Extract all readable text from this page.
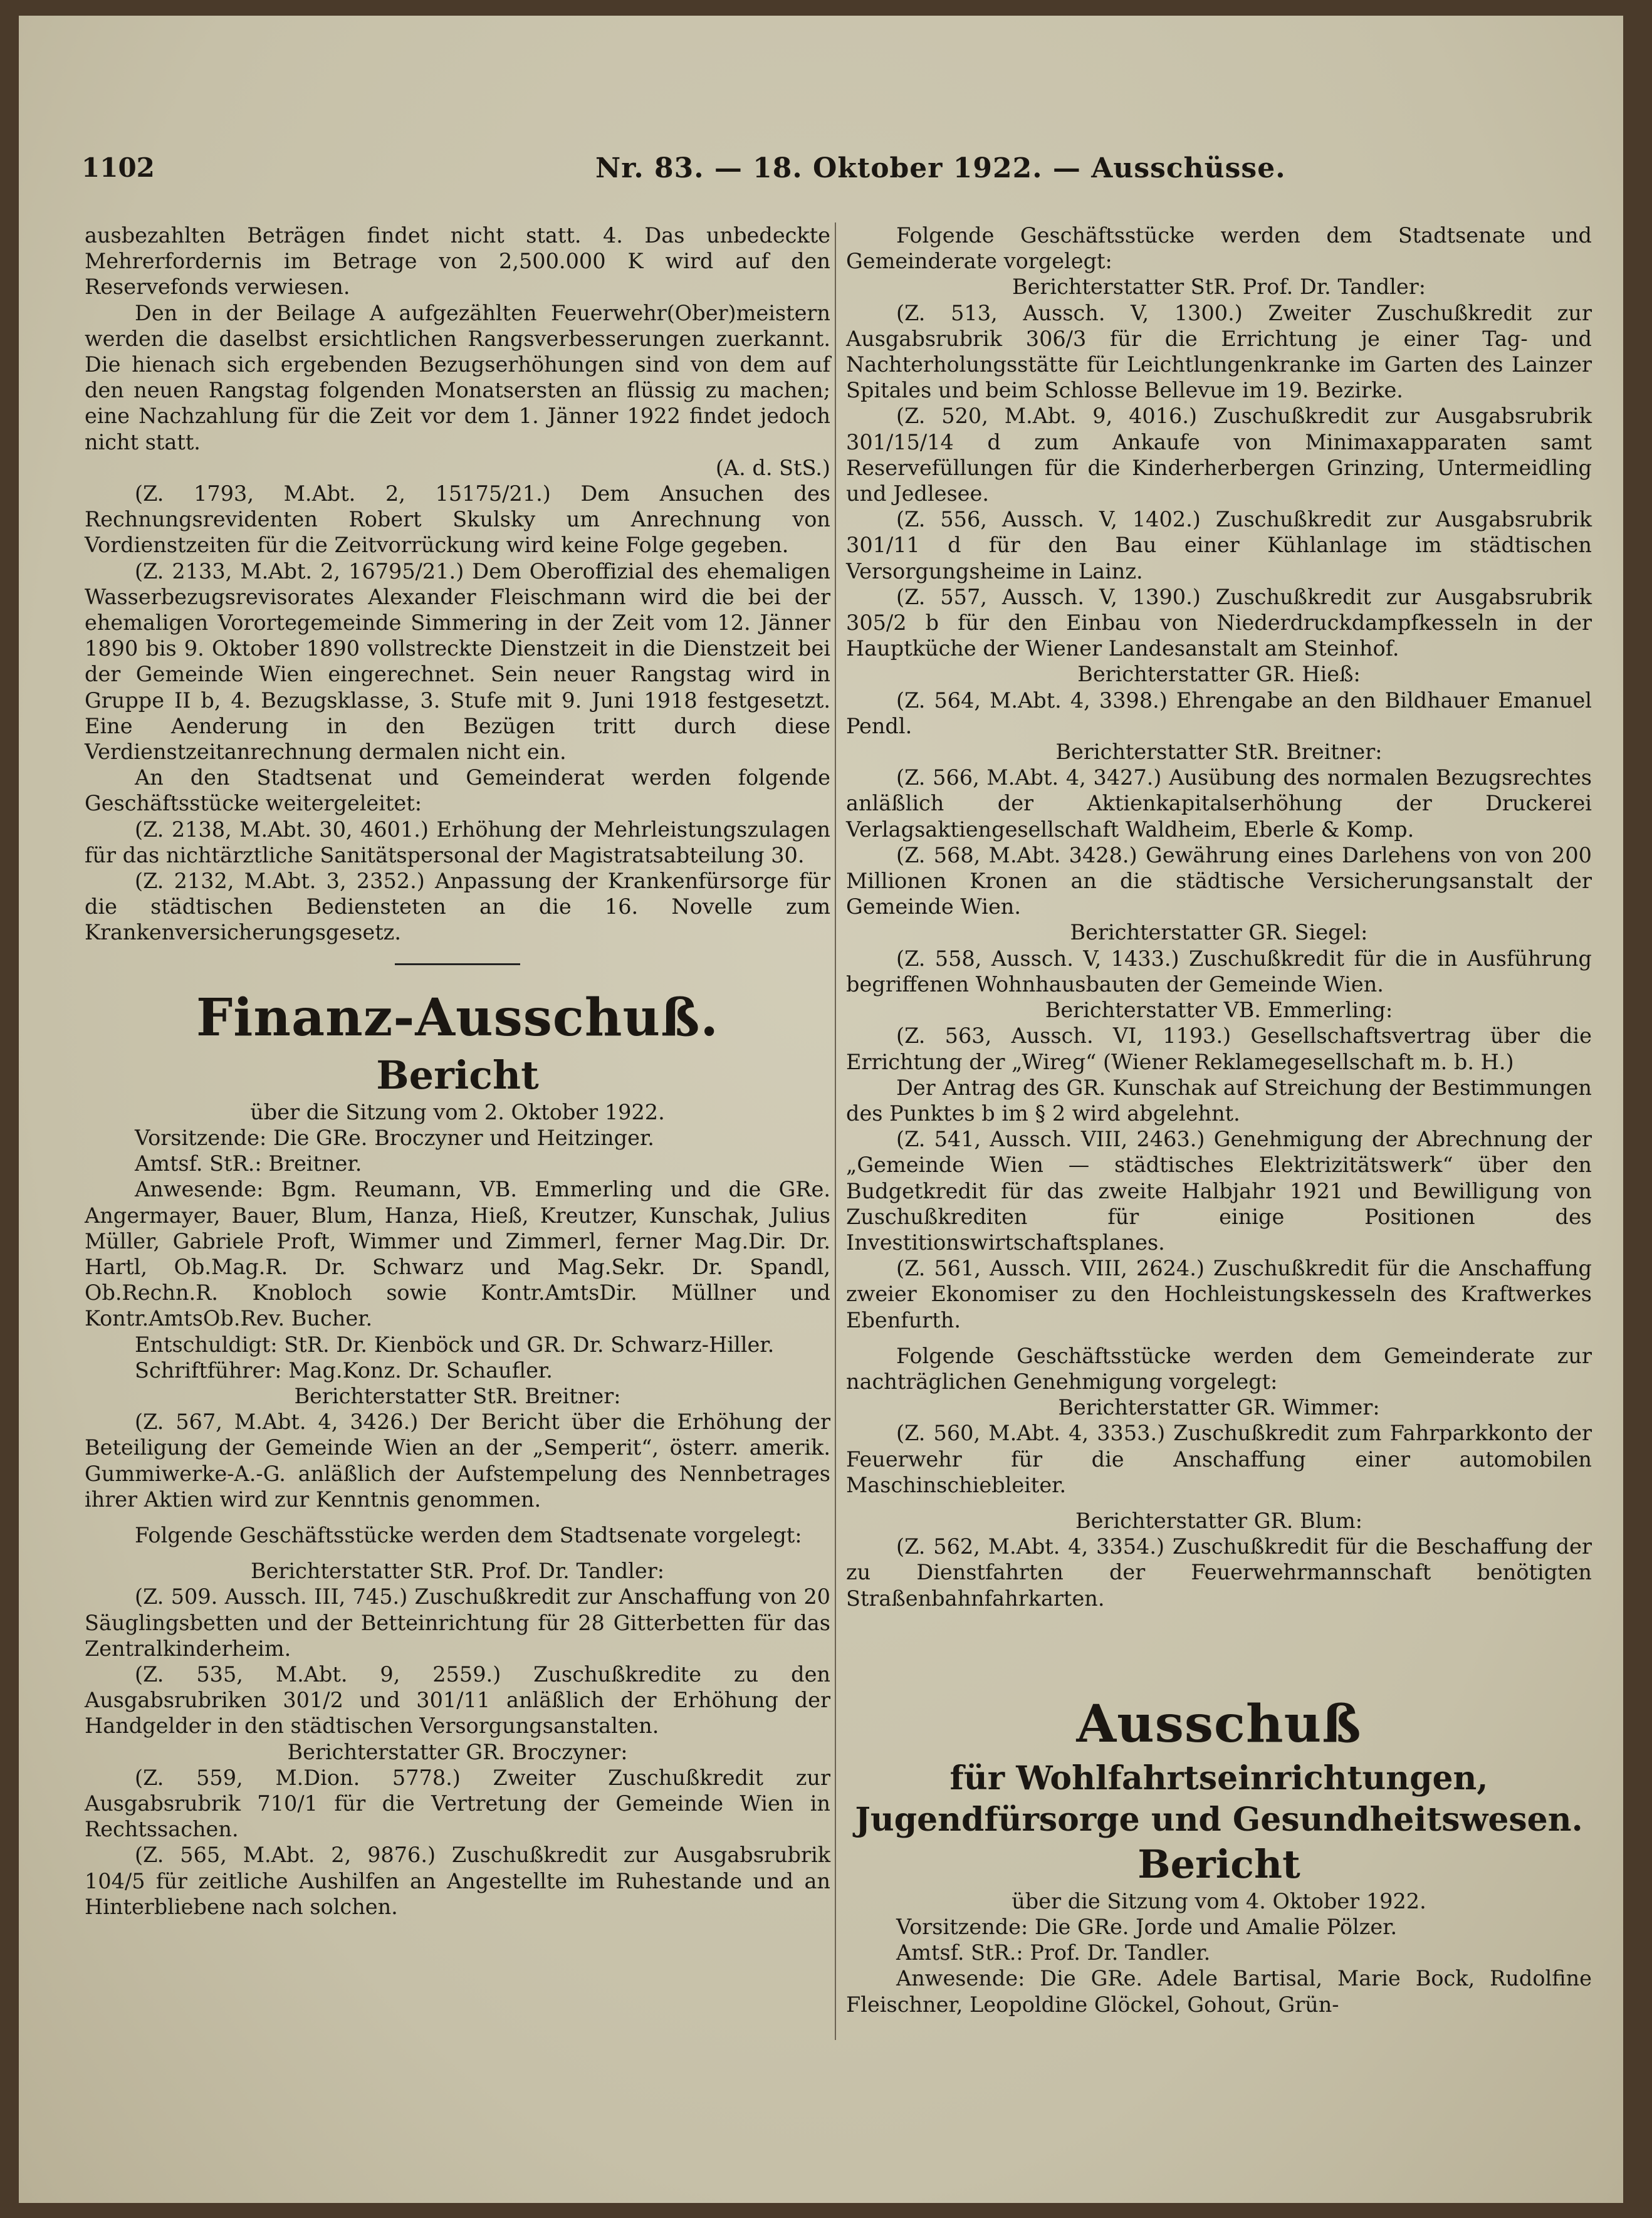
1102	Nr. 83. — 18. Oktober 1922. — Ausschüsse.

ausbezahlten Beträgen findet nicht statt. 4. Das unbedeckte Mehrerfordernis im Betrage von 2,500.000 K wird auf den Reservefonds verwiesen.

Den in der Beilage A aufgezählten Feuerwehr(Ober)meistern werden die daselbst ersichtlichen Rangsverbesserungen zuerkannt. Die hienach sich ergebenden Bezugserhöhungen sind von dem auf den neuen Rangstag folgenden Monatsersten an flüssig zu machen; eine Nachzahlung für die Zeit vor dem 1. Jänner 1922 findet jedoch nicht statt.

(A. d. StS.)

(Z. 1793, M.Abt. 2, 15175/21.) Dem Ansuchen des Rechnungsrevidenten Robert Skulsky um Anrechnung von Vordienstzeiten für die Zeitvorrückung wird keine Folge gegeben.

(Z. 2133, M.Abt. 2, 16795/21.) Dem Oberoffizial des ehemaligen Wasserbezugsrevisorates Alexander Fleischmann wird die bei der ehemaligen Vorortegemeinde Simmering in der Zeit vom 12. Jänner 1890 bis 9. Oktober 1890 vollstreckte Dienstzeit in die Dienstzeit bei der Gemeinde Wien eingerechnet. Sein neuer Rangstag wird in Gruppe II b, 4. Bezugsklasse, 3. Stufe mit 9. Juni 1918 festgesetzt. Eine Aenderung in den Bezügen tritt durch diese Verdienstzeitanrechnung dermalen nicht ein.

An den Stadtsenat und Gemeinderat werden folgende Geschäftsstücke weitergeleitet:

(Z. 2138, M.Abt. 30, 4601.) Erhöhung der Mehrleistungszulagen für das nichtärztliche Sanitätspersonal der Magistratsabteilung 30.

(Z. 2132, M.Abt. 3, 2352.) Anpassung der Krankenfürsorge für die städtischen Bediensteten an die 16. Novelle zum Krankenversicherungsgesetz.

Finanz-Ausschuß.
Bericht

über die Sitzung vom 2. Oktober 1922.

Vorsitzende: Die GRe. Broczyner und Heitzinger.

Amtsf. StR.: Breitner.

Anwesende: Bgm. Reumann, VB. Emmerling und die GRe. Angermayer, Bauer, Blum, Hanza, Hieß, Kreutzer, Kunschak, Julius Müller, Gabriele Proft, Wimmer und Zimmerl, ferner Mag.Dir. Dr. Hartl, Ob.Mag.R. Dr. Schwarz und Mag.Sekr. Dr. Spandl, Ob.Rechn.R. Knobloch sowie Kontr.AmtsDir. Müllner und Kontr.AmtsOb.Rev. Bucher.

Entschuldigt: StR. Dr. Kienböck und GR. Dr. Schwarz-Hiller.

Schriftführer: Mag.Konz. Dr. Schaufler.

Berichterstatter StR. Breitner:

(Z. 567, M.Abt. 4, 3426.) Der Bericht über die Erhöhung der Beteiligung der Gemeinde Wien an der „Semperit“, österr. amerik. Gummiwerke-A.-G. anläßlich der Aufstempelung des Nennbetrages ihrer Aktien wird zur Kenntnis genommen.

Folgende Geschäftsstücke werden dem Stadtsenate vorgelegt:

Berichterstatter StR. Prof. Dr. Tandler:

(Z. 509. Aussch. III, 745.) Zuschußkredit zur Anschaffung von 20 Säuglingsbetten und der Betteinrichtung für 28 Gitterbetten für das Zentralkinderheim.

(Z. 535, M.Abt. 9, 2559.) Zuschußkredite zu den Ausgabsrubriken 301/2 und 301/11 anläßlich der Erhöhung der Handgelder in den städtischen Versorgungsanstalten.

Berichterstatter GR. Broczyner:

(Z. 559, M.Dion. 5778.) Zweiter Zuschußkredit zur Ausgabsrubrik 710/1 für die Vertretung der Gemeinde Wien in Rechtssachen.

(Z. 565, M.Abt. 2, 9876.) Zuschußkredit zur Ausgabsrubrik 104/5 für zeitliche Aushilfen an Angestellte im Ruhestande und an Hinterbliebene nach solchen.

Folgende Geschäftsstücke werden dem Stadtsenate und Gemeinderate vorgelegt:

Berichterstatter StR. Prof. Dr. Tandler:

(Z. 513, Aussch. V, 1300.) Zweiter Zuschußkredit zur Ausgabsrubrik 306/3 für die Errichtung je einer Tag- und Nachterholungsstätte für Leichtlungenkranke im Garten des Lainzer Spitales und beim Schlosse Bellevue im 19. Bezirke.

(Z. 520, M.Abt. 9, 4016.) Zuschußkredit zur Ausgabsrubrik 301/15/14 d zum Ankaufe von Minimaxapparaten samt Reservefüllungen für die Kinderherbergen Grinzing, Untermeidling und Jedlesee.

(Z. 556, Aussch. V, 1402.) Zuschußkredit zur Ausgabsrubrik 301/11 d für den Bau einer Kühlanlage im städtischen Versorgungsheime in Lainz.

(Z. 557, Aussch. V, 1390.) Zuschußkredit zur Ausgabsrubrik 305/2 b für den Einbau von Niederdruckdampfkesseln in der Hauptküche der Wiener Landesanstalt am Steinhof.

Berichterstatter GR. Hieß:

(Z. 564, M.Abt. 4, 3398.) Ehrengabe an den Bildhauer Emanuel Pendl.

Berichterstatter StR. Breitner:

(Z. 566, M.Abt. 4, 3427.) Ausübung des normalen Bezugsrechtes anläßlich der Aktienkapitalserhöhung der Druckerei Verlagsaktiengesellschaft Waldheim, Eberle & Komp.

(Z. 568, M.Abt. 3428.) Gewährung eines Darlehens von von 200 Millionen Kronen an die städtische Versicherungsanstalt der Gemeinde Wien.

Berichterstatter GR. Siegel:

(Z. 558, Aussch. V, 1433.) Zuschußkredit für die in Ausführung begriffenen Wohnhausbauten der Gemeinde Wien.

Berichterstatter VB. Emmerling:

(Z. 563, Aussch. VI, 1193.) Gesellschaftsvertrag über die Errichtung der „Wireg“ (Wiener Reklamegesellschaft m. b. H.)

Der Antrag des GR. Kunschak auf Streichung der Bestimmungen des Punktes b im § 2 wird abgelehnt.

(Z. 541, Aussch. VIII, 2463.) Genehmigung der Abrechnung der „Gemeinde Wien — städtisches Elektrizitätswerk“ über den Budgetkredit für das zweite Halbjahr 1921 und Bewilligung von Zuschußkrediten für einige Positionen des Investitionswirtschaftsplanes.

(Z. 561, Aussch. VIII, 2624.) Zuschußkredit für die Anschaffung zweier Ekonomiser zu den Hochleistungskesseln des Kraftwerkes Ebenfurth.

Folgende Geschäftsstücke werden dem Gemeinderate zur nachträglichen Genehmigung vorgelegt:

Berichterstatter GR. Wimmer:

(Z. 560, M.Abt. 4, 3353.) Zuschußkredit zum Fahrparkkonto der Feuerwehr für die Anschaffung einer automobilen Maschinschiebleiter.

Berichterstatter GR. Blum:

(Z. 562, M.Abt. 4, 3354.) Zuschußkredit für die Beschaffung der zu Dienstfahrten der Feuerwehrmannschaft benötigten Straßenbahnfahrkarten.

Ausschuß
für Wohlfahrtseinrichtungen, Jugendfürsorge und Gesundheitswesen.
Bericht

über die Sitzung vom 4. Oktober 1922.

Vorsitzende: Die GRe. Jorde und Amalie Pölzer.

Amtsf. StR.: Prof. Dr. Tandler.

Anwesende: Die GRe. Adele Bartisal, Marie Bock, Rudolfine Fleischner, Leopoldine Glöckel, Gohout, Grün-
